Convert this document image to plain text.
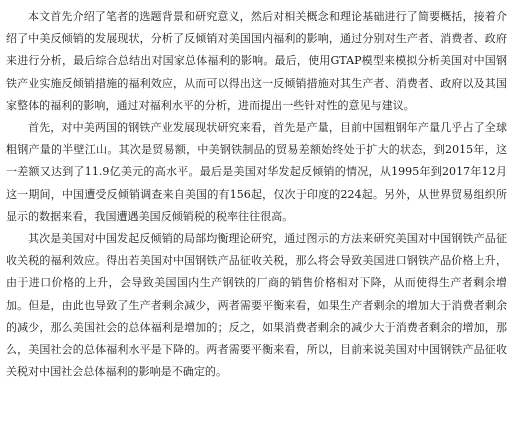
本文首先介绍了笔者的选题背景和研究意义，然后对相关概念和理论基础进行了简要概括，接着介绍了中美反倾销的发展现状，分析了反倾销对美国国内福利的影响，通过分别对生产者、消费者、政府来进行分析，最后综合总结出对国家总体福利的影响。最后，使用GTAP模型来模拟分析美国对中国钢铁产业实施反倾销措施的福利效应，从而可以得出这一反倾销措施对其生产者、消费者、政府以及其国家整体的福利的影响，通过对福利水平的分析，进而提出一些针对性的意见与建议。

首先，对中美两国的钢铁产业发展现状研究来看，首先是产量，目前中国粗钢年产量几乎占了全球粗钢产量的半壁江山。其次是贸易额，中美钢铁制品的贸易差额始终处于扩大的状态，到2015年，这一差额又达到了11.9亿美元的高水平。最后是美国对华发起反倾销的情况，从1995年到2017年12月这一期间，中国遭受反倾销调查来自美国的有156起，仅次于印度的224起。另外，从世界贸易组织所显示的数据来看，我国遭遇美国反倾销税的税率往往很高。

其次是美国对中国发起反倾销的局部均衡理论研究，通过图示的方法来研究美国对中国钢铁产品征收关税的福利效应。得出若美国对中国钢铁产品征收关税，那么将会导致美国进口钢铁产品价格上升，由于进口价格的上升，会导致美国国内生产钢铁的厂商的销售价格相对下降，从而使得生产者剩余增加。但是，由此也导致了生产者剩余减少，两者需要平衡来看，如果生产者剩余的增加大于消费者剩余的减少，那么美国社会的总体福利是增加的；反之，如果消费者剩余的减少大于消费者剩余的增加，那么，美国社会的总体福利水平是下降的。两者需要平衡来看，所以，目前来说美国对中国钢铁产品征收关税对中国社会总体福利的影响是不确定的。
